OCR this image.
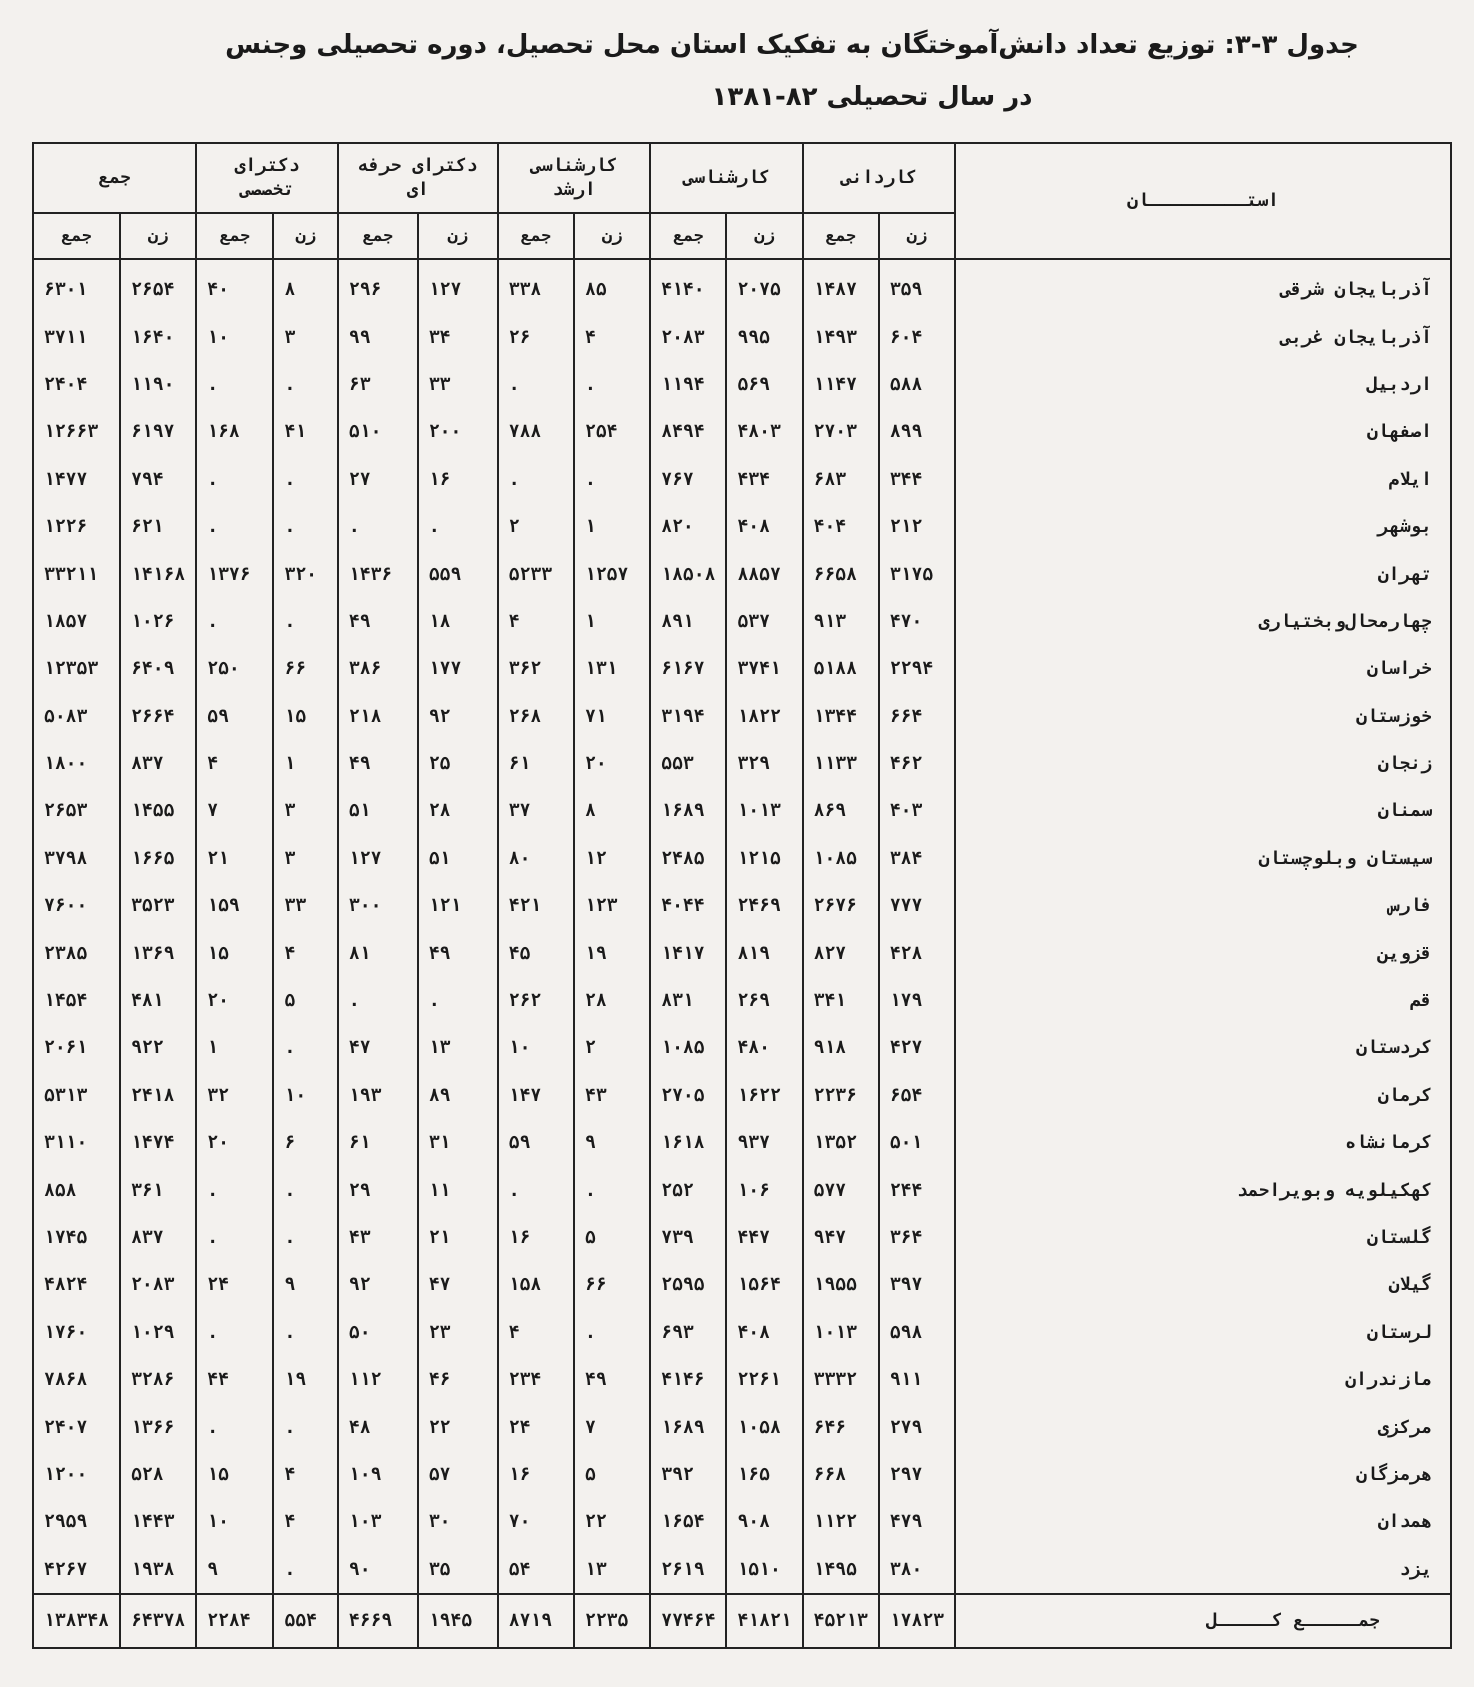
جدول ۳-۳: توزیع تعداد دانش‌آموختگان به تفکیک استان محل تحصیل، دوره تحصیلی وجنس
در سال تحصیلی ۸۲-۱۳۸۱
استـــــــــان	کاردانی		کارشناسی		کارشناسی ارشد		دکترای حرفه ای		دکترای تخصصی		جمع	
	زن	جمع	زن	جمع	زن	جمع	زن	جمع	زن	جمع	زن	جمع
آذربایجان شرقی	۳۵۹	۱۴۸۷	۲۰۷۵	۴۱۴۰	۸۵	۳۳۸	۱۲۷	۲۹۶	۸	۴۰	۲۶۵۴	۶۳۰۱
آذربایجان غربی	۶۰۴	۱۴۹۳	۹۹۵	۲۰۸۳	۴	۲۶	۳۴	۹۹	۳	۱۰	۱۶۴۰	۳۷۱۱
اردبیل	۵۸۸	۱۱۴۷	۵۶۹	۱۱۹۴	.	.	۳۳	۶۳	.	.	۱۱۹۰	۲۴۰۴
اصفهان	۸۹۹	۲۷۰۳	۴۸۰۳	۸۴۹۴	۲۵۴	۷۸۸	۲۰۰	۵۱۰	۴۱	۱۶۸	۶۱۹۷	۱۲۶۶۳
ایلام	۳۴۴	۶۸۳	۴۳۴	۷۶۷	.	.	۱۶	۲۷	.	.	۷۹۴	۱۴۷۷
بوشهر	۲۱۲	۴۰۴	۴۰۸	۸۲۰	۱	۲	.	.	.	.	۶۲۱	۱۲۲۶
تهران	۳۱۷۵	۶۶۵۸	۸۸۵۷	۱۸۵۰۸	۱۲۵۷	۵۲۳۳	۵۵۹	۱۴۳۶	۳۲۰	۱۳۷۶	۱۴۱۶۸	۳۳۲۱۱
چهارمحال‌وبختیاری	۴۷۰	۹۱۳	۵۳۷	۸۹۱	۱	۴	۱۸	۴۹	.	.	۱۰۲۶	۱۸۵۷
خراسان	۲۲۹۴	۵۱۸۸	۳۷۴۱	۶۱۶۷	۱۳۱	۳۶۲	۱۷۷	۳۸۶	۶۶	۲۵۰	۶۴۰۹	۱۲۳۵۳
خوزستان	۶۶۴	۱۳۴۴	۱۸۲۲	۳۱۹۴	۷۱	۲۶۸	۹۲	۲۱۸	۱۵	۵۹	۲۶۶۴	۵۰۸۳
زنجان	۴۶۲	۱۱۳۳	۳۲۹	۵۵۳	۲۰	۶۱	۲۵	۴۹	۱	۴	۸۳۷	۱۸۰۰
سمنان	۴۰۳	۸۶۹	۱۰۱۳	۱۶۸۹	۸	۳۷	۲۸	۵۱	۳	۷	۱۴۵۵	۲۶۵۳
سیستان وبلوچستان	۳۸۴	۱۰۸۵	۱۲۱۵	۲۴۸۵	۱۲	۸۰	۵۱	۱۲۷	۳	۲۱	۱۶۶۵	۳۷۹۸
فارس	۷۷۷	۲۶۷۶	۲۴۶۹	۴۰۴۴	۱۲۳	۴۲۱	۱۲۱	۳۰۰	۳۳	۱۵۹	۳۵۲۳	۷۶۰۰
قزوین	۴۲۸	۸۲۷	۸۱۹	۱۴۱۷	۱۹	۴۵	۴۹	۸۱	۴	۱۵	۱۳۶۹	۲۳۸۵
قم	۱۷۹	۳۴۱	۲۶۹	۸۳۱	۲۸	۲۶۲	.	.	۵	۲۰	۴۸۱	۱۴۵۴
کردستان	۴۲۷	۹۱۸	۴۸۰	۱۰۸۵	۲	۱۰	۱۳	۴۷	.	۱	۹۲۲	۲۰۶۱
کرمان	۶۵۴	۲۲۳۶	۱۶۲۲	۲۷۰۵	۴۳	۱۴۷	۸۹	۱۹۳	۱۰	۳۲	۲۴۱۸	۵۳۱۳
کرمانشاه	۵۰۱	۱۳۵۲	۹۳۷	۱۶۱۸	۹	۵۹	۳۱	۶۱	۶	۲۰	۱۴۷۴	۳۱۱۰
کهکیلویه وبویراحمد	۲۴۴	۵۷۷	۱۰۶	۲۵۲	.	.	۱۱	۲۹	.	.	۳۶۱	۸۵۸
گلستان	۳۶۴	۹۴۷	۴۴۷	۷۳۹	۵	۱۶	۲۱	۴۳	.	.	۸۳۷	۱۷۴۵
گیلان	۳۹۷	۱۹۵۵	۱۵۶۴	۲۵۹۵	۶۶	۱۵۸	۴۷	۹۲	۹	۲۴	۲۰۸۳	۴۸۲۴
لرستان	۵۹۸	۱۰۱۳	۴۰۸	۶۹۳	.	۴	۲۳	۵۰	.	.	۱۰۲۹	۱۷۶۰
مازندران	۹۱۱	۳۳۳۲	۲۲۶۱	۴۱۴۶	۴۹	۲۳۴	۴۶	۱۱۲	۱۹	۴۴	۳۲۸۶	۷۸۶۸
مرکزی	۲۷۹	۶۴۶	۱۰۵۸	۱۶۸۹	۷	۲۴	۲۲	۴۸	.	.	۱۳۶۶	۲۴۰۷
هرمزگان	۲۹۷	۶۶۸	۱۶۵	۳۹۲	۵	۱۶	۵۷	۱۰۹	۴	۱۵	۵۲۸	۱۲۰۰
همدان	۴۷۹	۱۱۲۲	۹۰۸	۱۶۵۴	۲۲	۷۰	۳۰	۱۰۳	۴	۱۰	۱۴۴۳	۲۹۵۹
یزد	۳۸۰	۱۴۹۵	۱۵۱۰	۲۶۱۹	۱۳	۵۴	۳۵	۹۰	.	۹	۱۹۳۸	۴۲۶۷
جمـــــع کـــــل	۱۷۸۲۳	۴۵۲۱۳	۴۱۸۲۱	۷۷۴۶۴	۲۲۳۵	۸۷۱۹	۱۹۴۵	۴۶۶۹	۵۵۴	۲۲۸۴	۶۴۳۷۸	۱۳۸۳۴۸
